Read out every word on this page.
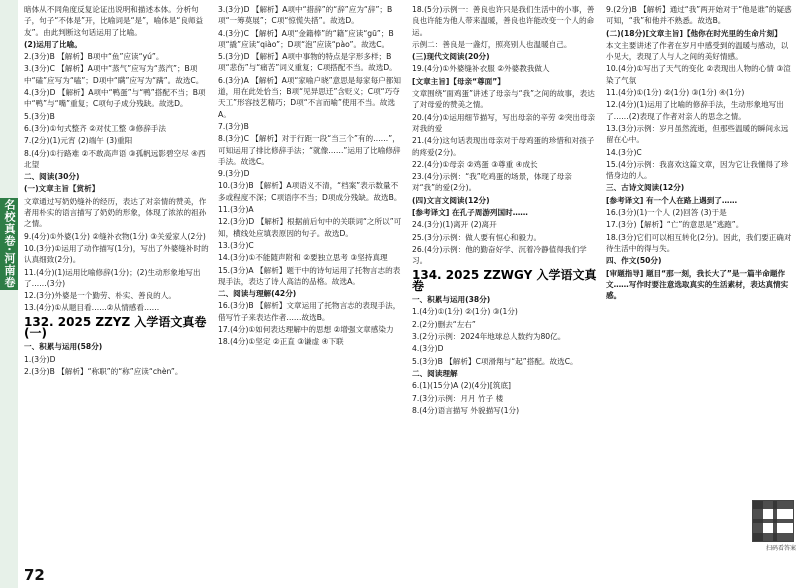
名校真卷·河南卷

暗体从不同角度反复论证出说明和描述本体。分析句子，句子“不体是”开，比喻词是“是”，喻体是“良师益友”。由此判断这句话运用了比喻。

(2)运用了比喻。

2.(3分)B 【解析】B项中“鱼”应读“yú”。

3.(3分)C 【解析】A项中“蒸气”应写为“蒸汽”；B项中“磕”应写为“嗑”；D项中“瞒”应写为“蹒”。故选C。

4.(3分)D 【解析】A项中“鸭蛋”与“鸭”搭配不当；B项中“鸭”与“嘴”重复；C项句子成分残缺。故选D。

5.(3分)B

6.(3分)①句式整齐 ②对仗工整 ③修辞手法

7.(2分)(1)元宵 (2)端午 (3)重阳

8.(4分)①行路难 ②不敢高声语 ③孤帆远影碧空尽 ④西北望

二、阅读(30分)

(一)文章主旨【赏析】

文章通过写奶奶缝补的经历，表达了对亲情的赞美，作者用朴实的语言描写了奶奶的形象，体现了浓浓的祖孙之情。

9.(4分)①外婆(1分) ②缝补衣物(1分) ③关爱家人(2分)

10.(3分)①运用了动作描写(1分)，写出了外婆缝补时的认真细致(2分)。

11.(4分)(1)运用比喻修辞(1分)；(2)生动形象地写出了……(3分)

12.(3分)外婆是一个勤劳、朴实、善良的人。

13.(4分)①从题目看……②从情感看……

132. 2025 ZZYZ 入学语文真卷(一)

一、积累与运用(58分)

1.(3分)D

2.(3分)B 【解析】“称职”的“称”应读“chèn”。

3.(3分)D 【解析】A项中“措辞”的“辞”应为“辞”；B项“一筹莫展”；C项“惊慌失措”。故选D。

4.(3分)C 【解析】A项“金籍棒”的“籍”应读“gū”；B项“撬”应读“qiào”；D项“泡”应读“pào”。故选C。

5.(3分)D 【解析】A项中事物的特点是字形多样；B项“悲伤”与“痛苦”词义重复；C项搭配不当。故选D。

6.(3分)A 【解析】A项“家喻户晓”意思是每家每户都知道，用在此处恰当；B项“见异思迁”含贬义；C项“巧夺天工”形容技艺精巧；D项“不言而喻”使用不当。故选A。

7.(3分)B

8.(3分)C 【解析】对于行距一段“当三个”有的……”，可知运用了排比修辞手法；“就像……”运用了比喻修辞手法。故选C。

9.(3分)D

10.(3分)B 【解析】A项语义不清，“档案”表示数量不多或程度不深；C项语序不当；D项成分残缺。故选B。

11.(3分)A

12.(3分)D 【解析】根据前后句中的关联词“之所以”可知，横线处应填表原因的句子。故选D。

13.(3分)C

14.(3分)①不能随声附和 ②要独立思考 ③坚持真理

15.(3分)A 【解析】题干中的诗句运用了托物言志的表现手法，表达了诗人高洁的品格。故选A。

二、阅读与理解(42分)

16.(3分)B 【解析】文章运用了托物言志的表现手法，借写竹子来表达作者……故选B。

17.(4分)①如何表达理解中的思想 ②增强文章感染力

18.(4分)①坚定 ②正直 ③谦虚 ④下联

18.(5分)示例一：善良也许只是我们生活中的小事，善良也许能为他人带来温暖，善良也许能改变一个人的命运。

示例二：善良是一盏灯，照亮别人也温暖自己。

(三)现代文阅读(20分)

19.(4分)①外婆缝补衣服 ②外婆教我做人

[文章主旨]【母亲“尊面”】

文章围绕“面鸡蛋”讲述了母亲与“我”之间的故事，表达了对母爱的赞美之情。

20.(4分)①运用细节描写，写出母亲的辛劳 ②突出母亲对我的爱

21.(4分)这句话表现出母亲对于母鸡蛋的珍惜和对孩子的疼爱(2分)。

22.(4分)①母亲 ②鸡蛋 ③尊重 ④成长

23.(4分)示例：“我”吃鸡蛋的场景，体现了母亲对“我”的爱(2分)。

(四)文言文阅读(12分)

[参考译文] 在孔子周游列国时……

24.(3分)(1)离开 (2)离开

25.(3分)示例：做人要有恒心和毅力。

26.(4分)示例：他的勤奋好学、沉着冷静值得我们学习。

134. 2025 ZZWGY 入学语文真卷

一、积累与运用(38分)

1.(4分)①(1分) ②(1分) ③(1分)

2.(2分)删去“左右”

3.(2分)示例：2024年地球总人数约为80亿。

4.(3分)D

5.(3分)B 【解析】C项滑翔与“起”搭配。故选C。

二、阅读理解

6.(1)(15分)A (2)(4分)[筑底]

7.(3分)示例：月月 竹子 楼

8.(4分)语言描写 外貌描写(1分)

9.(2分)B 【解析】通过“我”两开始对于“他是谁”的疑惑可知，“我”和他并不熟悉。故选B。

(二)(18分)[文章主旨]【他你在时光里的生命片刻】

本文主要讲述了作者在岁月中感受到的温暖与感动，以小见大，表现了人与人之间的美好情感。

10.(4分)①写出了天气的变化 ②表现出人物的心情 ③渲染了气氛

11.(4分)①(1分) ②(1分) ③(1分) ④(1分)

12.(4分)(1)运用了比喻的修辞手法，生动形象地写出了……(2)表现了作者对亲人的思念之情。

13.(3分)示例：岁月虽然流逝，但那些温暖的瞬间永远留在心中。

14.(3分)C

15.(4分)示例：我喜欢这篇文章，因为它让我懂得了珍惜身边的人。

三、古诗文阅读(12分)

[参考译文] 有一个人在路上遇到了……

16.(3分)(1)一个人 (2)回答 (3)于是

17.(3分)【解析】“亡”的意思是“逃跑”。

18.(3分)它们可以相互转化(2分)。因此，我们要正确对待生活中的得与失。

四、作文(50分)

[审题指导] 题目“那一刻，我长大了”是一篇半命题作文……写作时要注意选取真实的生活素材，表达真情实感。

扫码看答案
72
